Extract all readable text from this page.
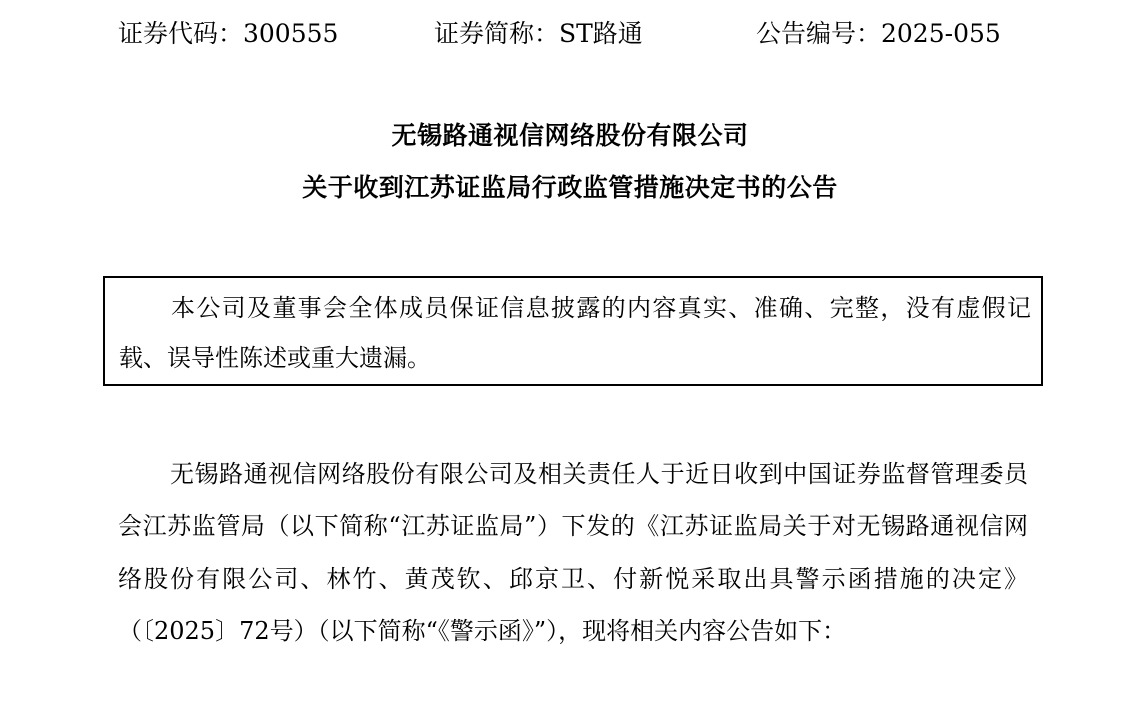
证券代码：300555	证券简称：ST路通	公告编号：2025-055
无锡路通视信网络股份有限公司
关于收到江苏证监局行政监管措施决定书的公告

本公司及董事会全体成员保证信息披露的内容真实、准确、完整，没有虚假记载、误导性陈述或重大遗漏。

无锡路通视信网络股份有限公司及相关责任人于近日收到中国证券监督管理委员会江苏监管局（以下简称“江苏证监局”）下发的《江苏证监局关于对无锡路通视信网络股份有限公司、林竹、黄茂钦、邱京卫、付新悦采取出具警示函措施的决定》（〔2025〕72号）（以下简称“《警示函》”），现将相关内容公告如下：
